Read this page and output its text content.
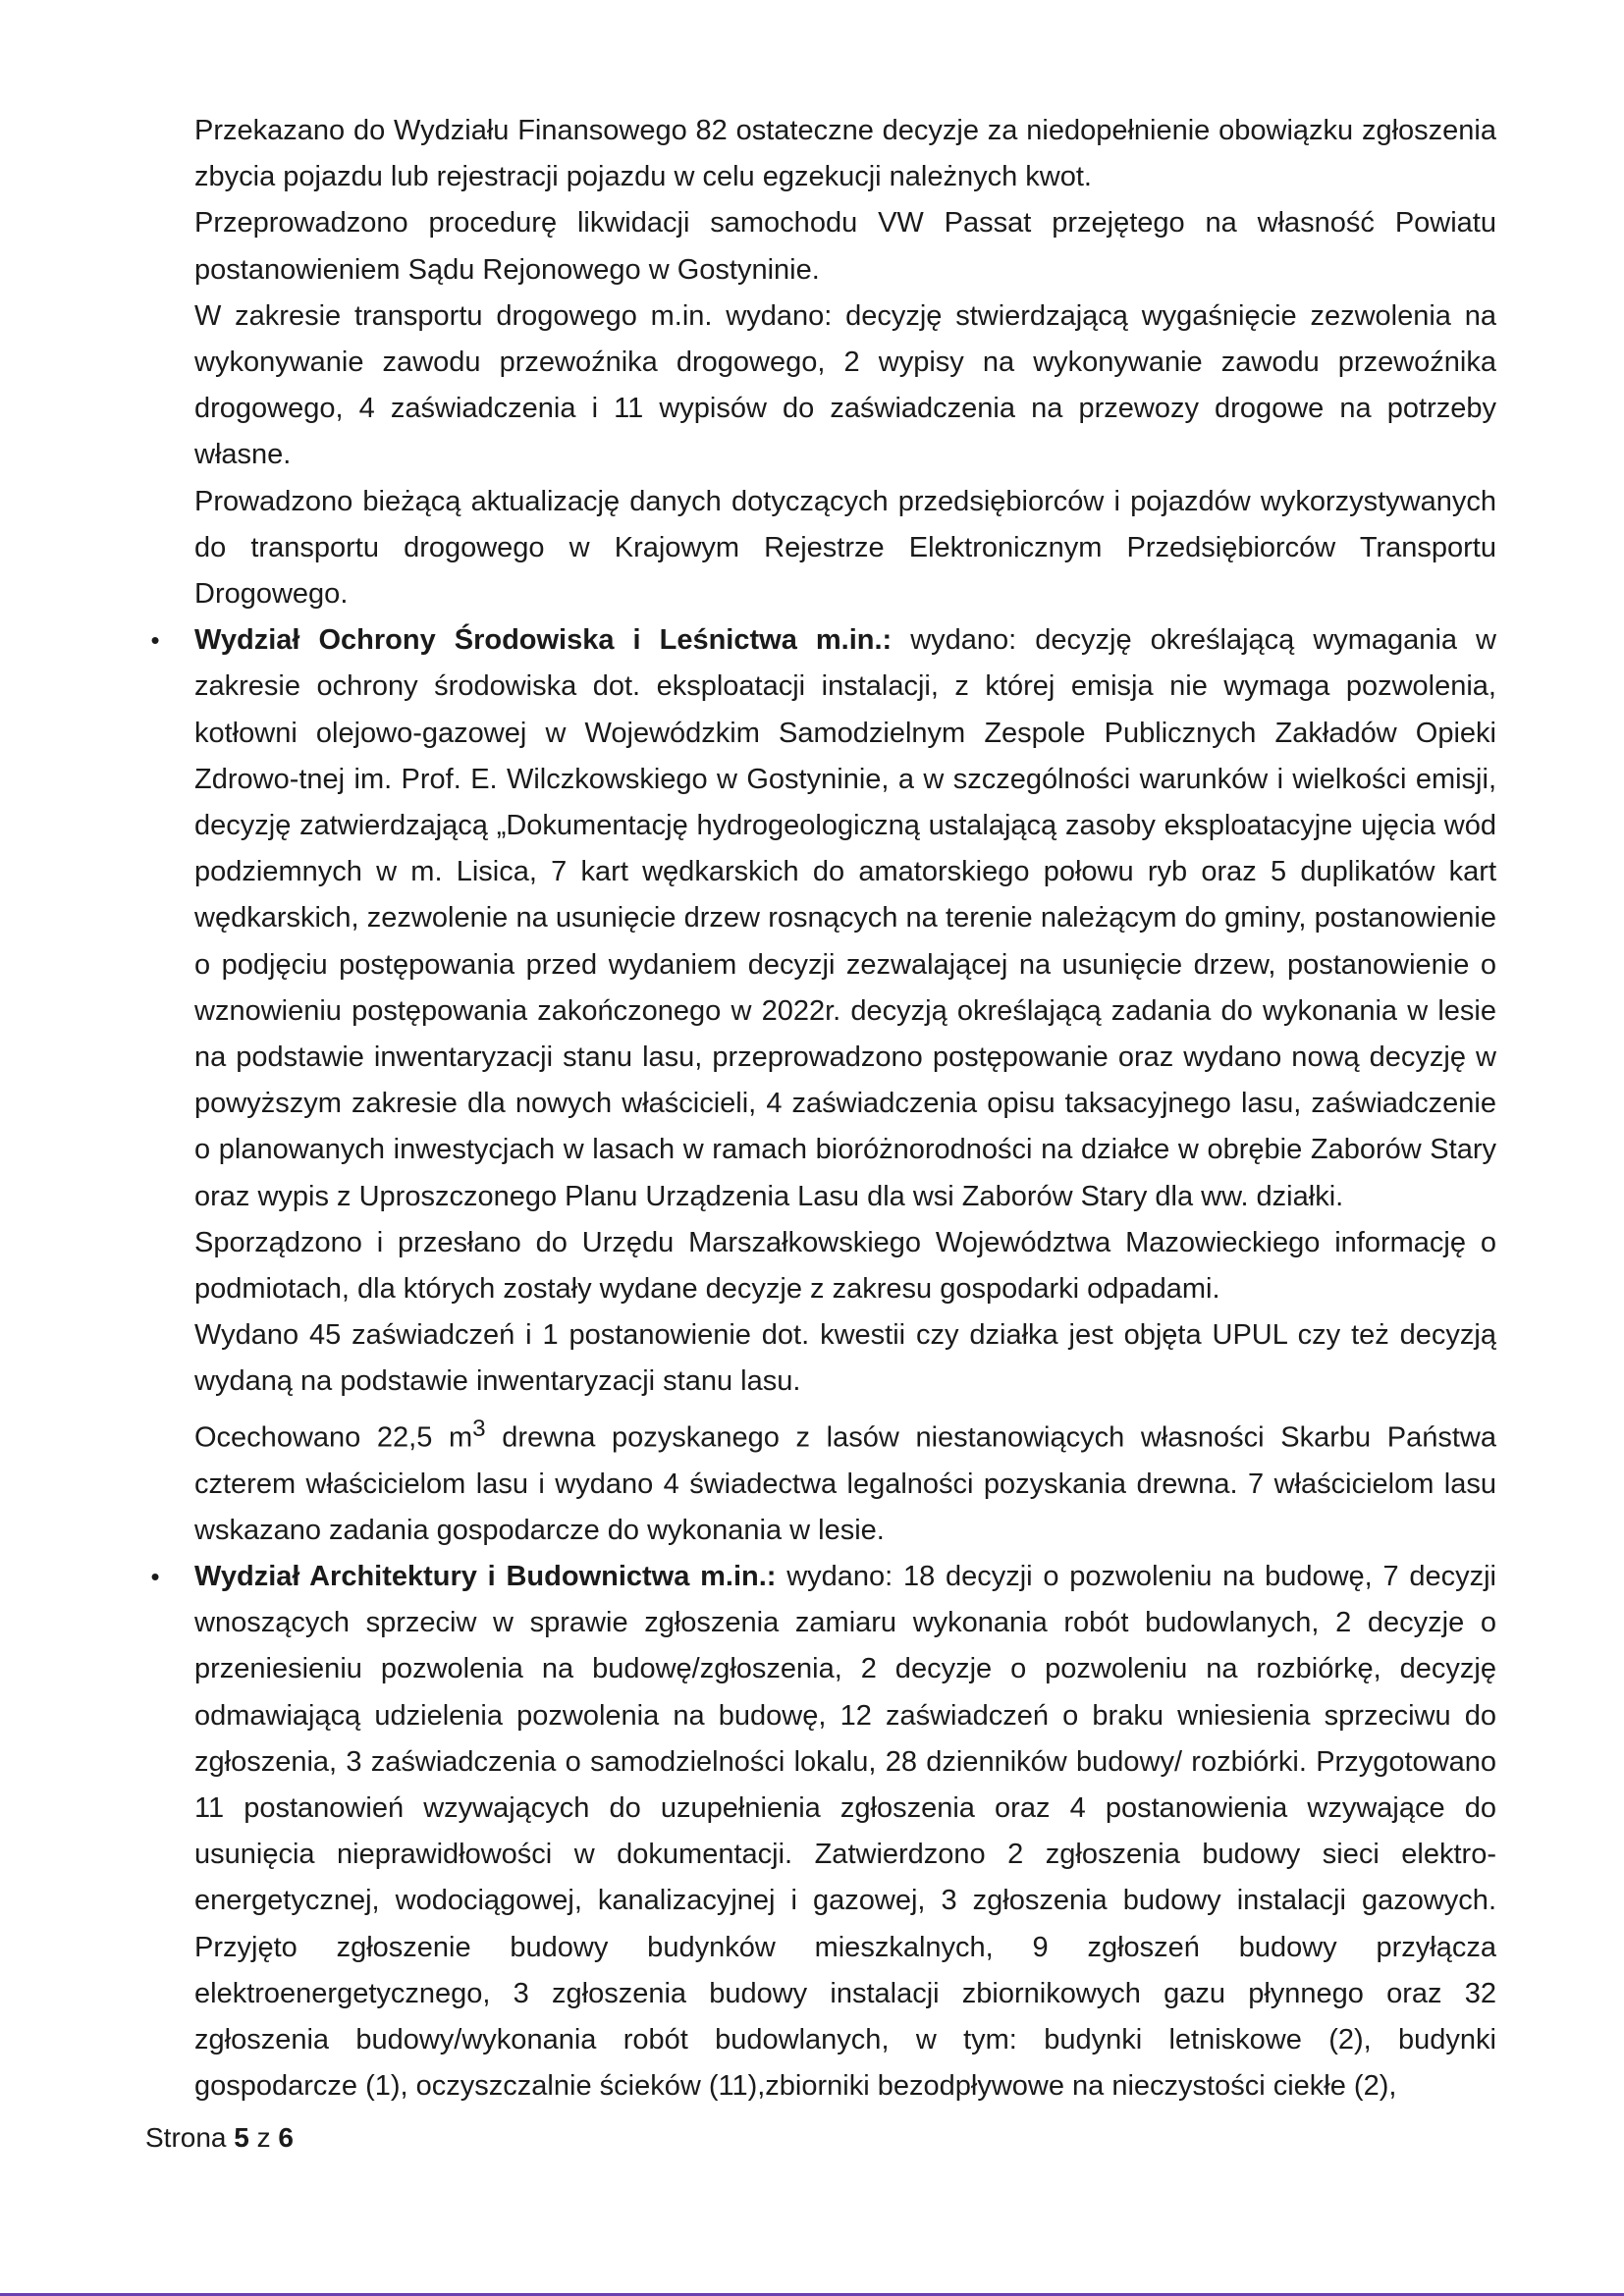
Przekazano do Wydziału Finansowego 82 ostateczne decyzje za niedopełnienie obowiązku zgłoszenia zbycia pojazdu lub rejestracji pojazdu w celu egzekucji należnych kwot.

Przeprowadzono procedurę likwidacji samochodu VW Passat przejętego na własność Powiatu postanowieniem Sądu Rejonowego w Gostyninie.

W zakresie transportu drogowego m.in. wydano: decyzję stwierdzającą wygaśnięcie zezwolenia na wykonywanie zawodu przewoźnika drogowego, 2 wypisy na wykonywanie zawodu przewoźnika drogowego, 4 zaświadczenia i 11 wypisów do zaświadczenia na przewozy drogowe na potrzeby własne.

Prowadzono bieżącą aktualizację danych dotyczących przedsiębiorców i pojazdów wykorzystywanych do transportu drogowego w Krajowym Rejestrze Elektronicznym Przedsiębiorców Transportu Drogowego.

• Wydział Ochrony Środowiska i Leśnictwa m.in.: wydano: decyzję określającą wymagania w zakresie ochrony środowiska dot. eksploatacji instalacji, z której emisja nie wymaga pozwolenia, kotłowni olejowo-gazowej w Wojewódzkim Samodzielnym Zespole Publicznych Zakładów Opieki Zdrowo-tnej im. Prof. E. Wilczkowskiego w Gostyninie, a w szczególności warunków i wielkości emisji, decyzję zatwierdzającą „Dokumentację hydrogeologiczną ustalającą zasoby eksploatacyjne ujęcia wód podziemnych w m. Lisica, 7 kart wędkarskich do amatorskiego połowu ryb oraz 5 duplikatów kart wędkarskich, zezwolenie na usunięcie drzew rosnących na terenie należącym do gminy, postanowienie o podjęciu postępowania przed wydaniem decyzji zezwalającej na usunięcie drzew, postanowienie o wznowieniu postępowania zakończonego w 2022r. decyzją określającą zadania do wykonania w lesie na podstawie inwentaryzacji stanu lasu, przeprowadzono postępowanie oraz wydano nową decyzję w powyższym zakresie dla nowych właścicieli, 4 zaświadczenia opisu taksacyjnego lasu, zaświadczenie o planowanych inwestycjach w lasach w ramach bioróżnorodności na działce w obrębie Zaborów Stary oraz wypis z Uproszczonego Planu Urządzenia Lasu dla wsi Zaborów Stary dla ww. działki.

Sporządzono i przesłano do Urzędu Marszałkowskiego Województwa Mazowieckiego informację o podmiotach, dla których zostały wydane decyzje z zakresu gospodarki odpadami.

Wydano 45 zaświadczeń i 1 postanowienie dot. kwestii czy działka jest objęta UPUL czy też decyzją wydaną na podstawie inwentaryzacji stanu lasu.

Ocechowano 22,5 $m^3$ drewna pozyskanego z lasów niestanowiących własności Skarbu Państwa czterem właścicielom lasu i wydano 4 świadectwa legalności pozyskania drewna. 7 właścicielom lasu wskazano zadania gospodarcze do wykonania w lesie.

• Wydział Architektury i Budownictwa m.in.: wydano: 18 decyzji o pozwoleniu na budowę, 7 decyzji wnoszących sprzeciw w sprawie zgłoszenia zamiaru wykonania robót budowlanych, 2 decyzje o przeniesieniu pozwolenia na budowę/zgłoszenia, 2 decyzje o pozwoleniu na rozbiórkę, decyzję odmawiającą udzielenia pozwolenia na budowę, 12 zaświadczeń o braku wniesienia sprzeciwu do zgłoszenia, 3 zaświadczenia o samodzielności lokalu, 28 dzienników budowy/ rozbiórki. Przygotowano 11 postanowień wzywających do uzupełnienia zgłoszenia oraz 4 postanowienia wzywające do usunięcia nieprawidłowości w dokumentacji. Zatwierdzono 2 zgłoszenia budowy sieci elektro-energetycznej, wodociągowej, kanalizacyjnej i gazowej, 3 zgłoszenia budowy instalacji gazowych. Przyjęto zgłoszenie budowy budynków mieszkalnych, 9 zgłoszeń budowy przyłącza elektroenergetycznego, 3 zgłoszenia budowy instalacji zbiornikowych gazu płynnego oraz 32 zgłoszenia budowy/wykonania robót budowlanych, w tym: budynki letniskowe (2), budynki gospodarcze (1), oczyszczalnie ścieków (11),zbiorniki bezodpływowe na nieczystości ciekłe (2),

Strona 5 z 6
